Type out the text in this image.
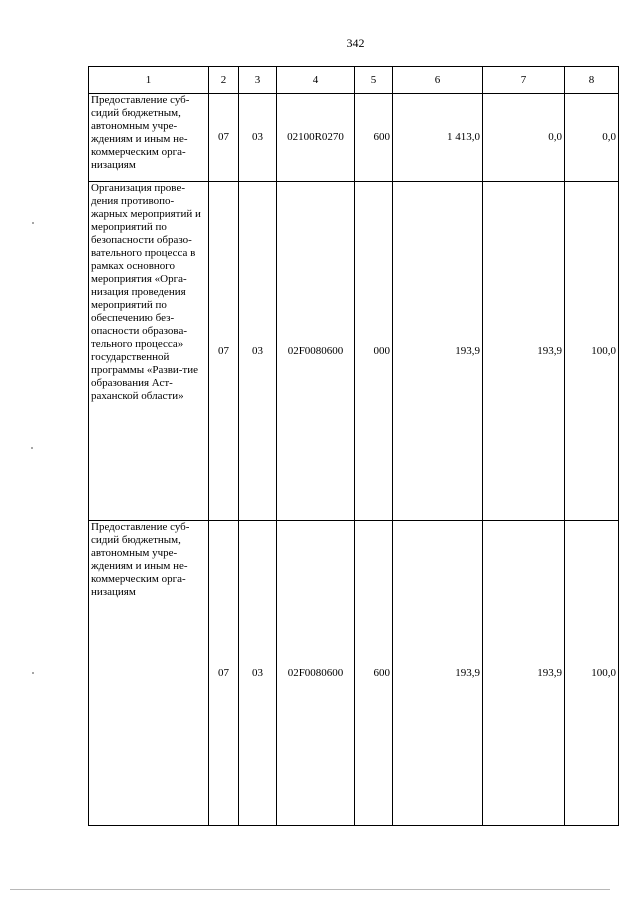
342
1	2	3	4	5	6	7	8
Предоставление суб-сидий бюджетным, автономным учре-ждениям и иным не-коммерческим орга-низациям	07	03	02100R0270	600	1 413,0	0,0	0,0
Организация прове-дения противопо-жарных мероприятий и мероприятий по безопасности образо-вательного процесса в рамках основного мероприятия «Орга-низация проведения мероприятий по обеспечению без-опасности образова-тельного процесса» государственной программы «Разви-тие образования Аст-раханской области»	07	03	02F0080600	000	193,9	193,9	100,0
Предоставление суб-сидий бюджетным, автономным учре-ждениям и иным не-коммерческим орга-низациям	07	03	02F0080600	600	193,9	193,9	100,0
